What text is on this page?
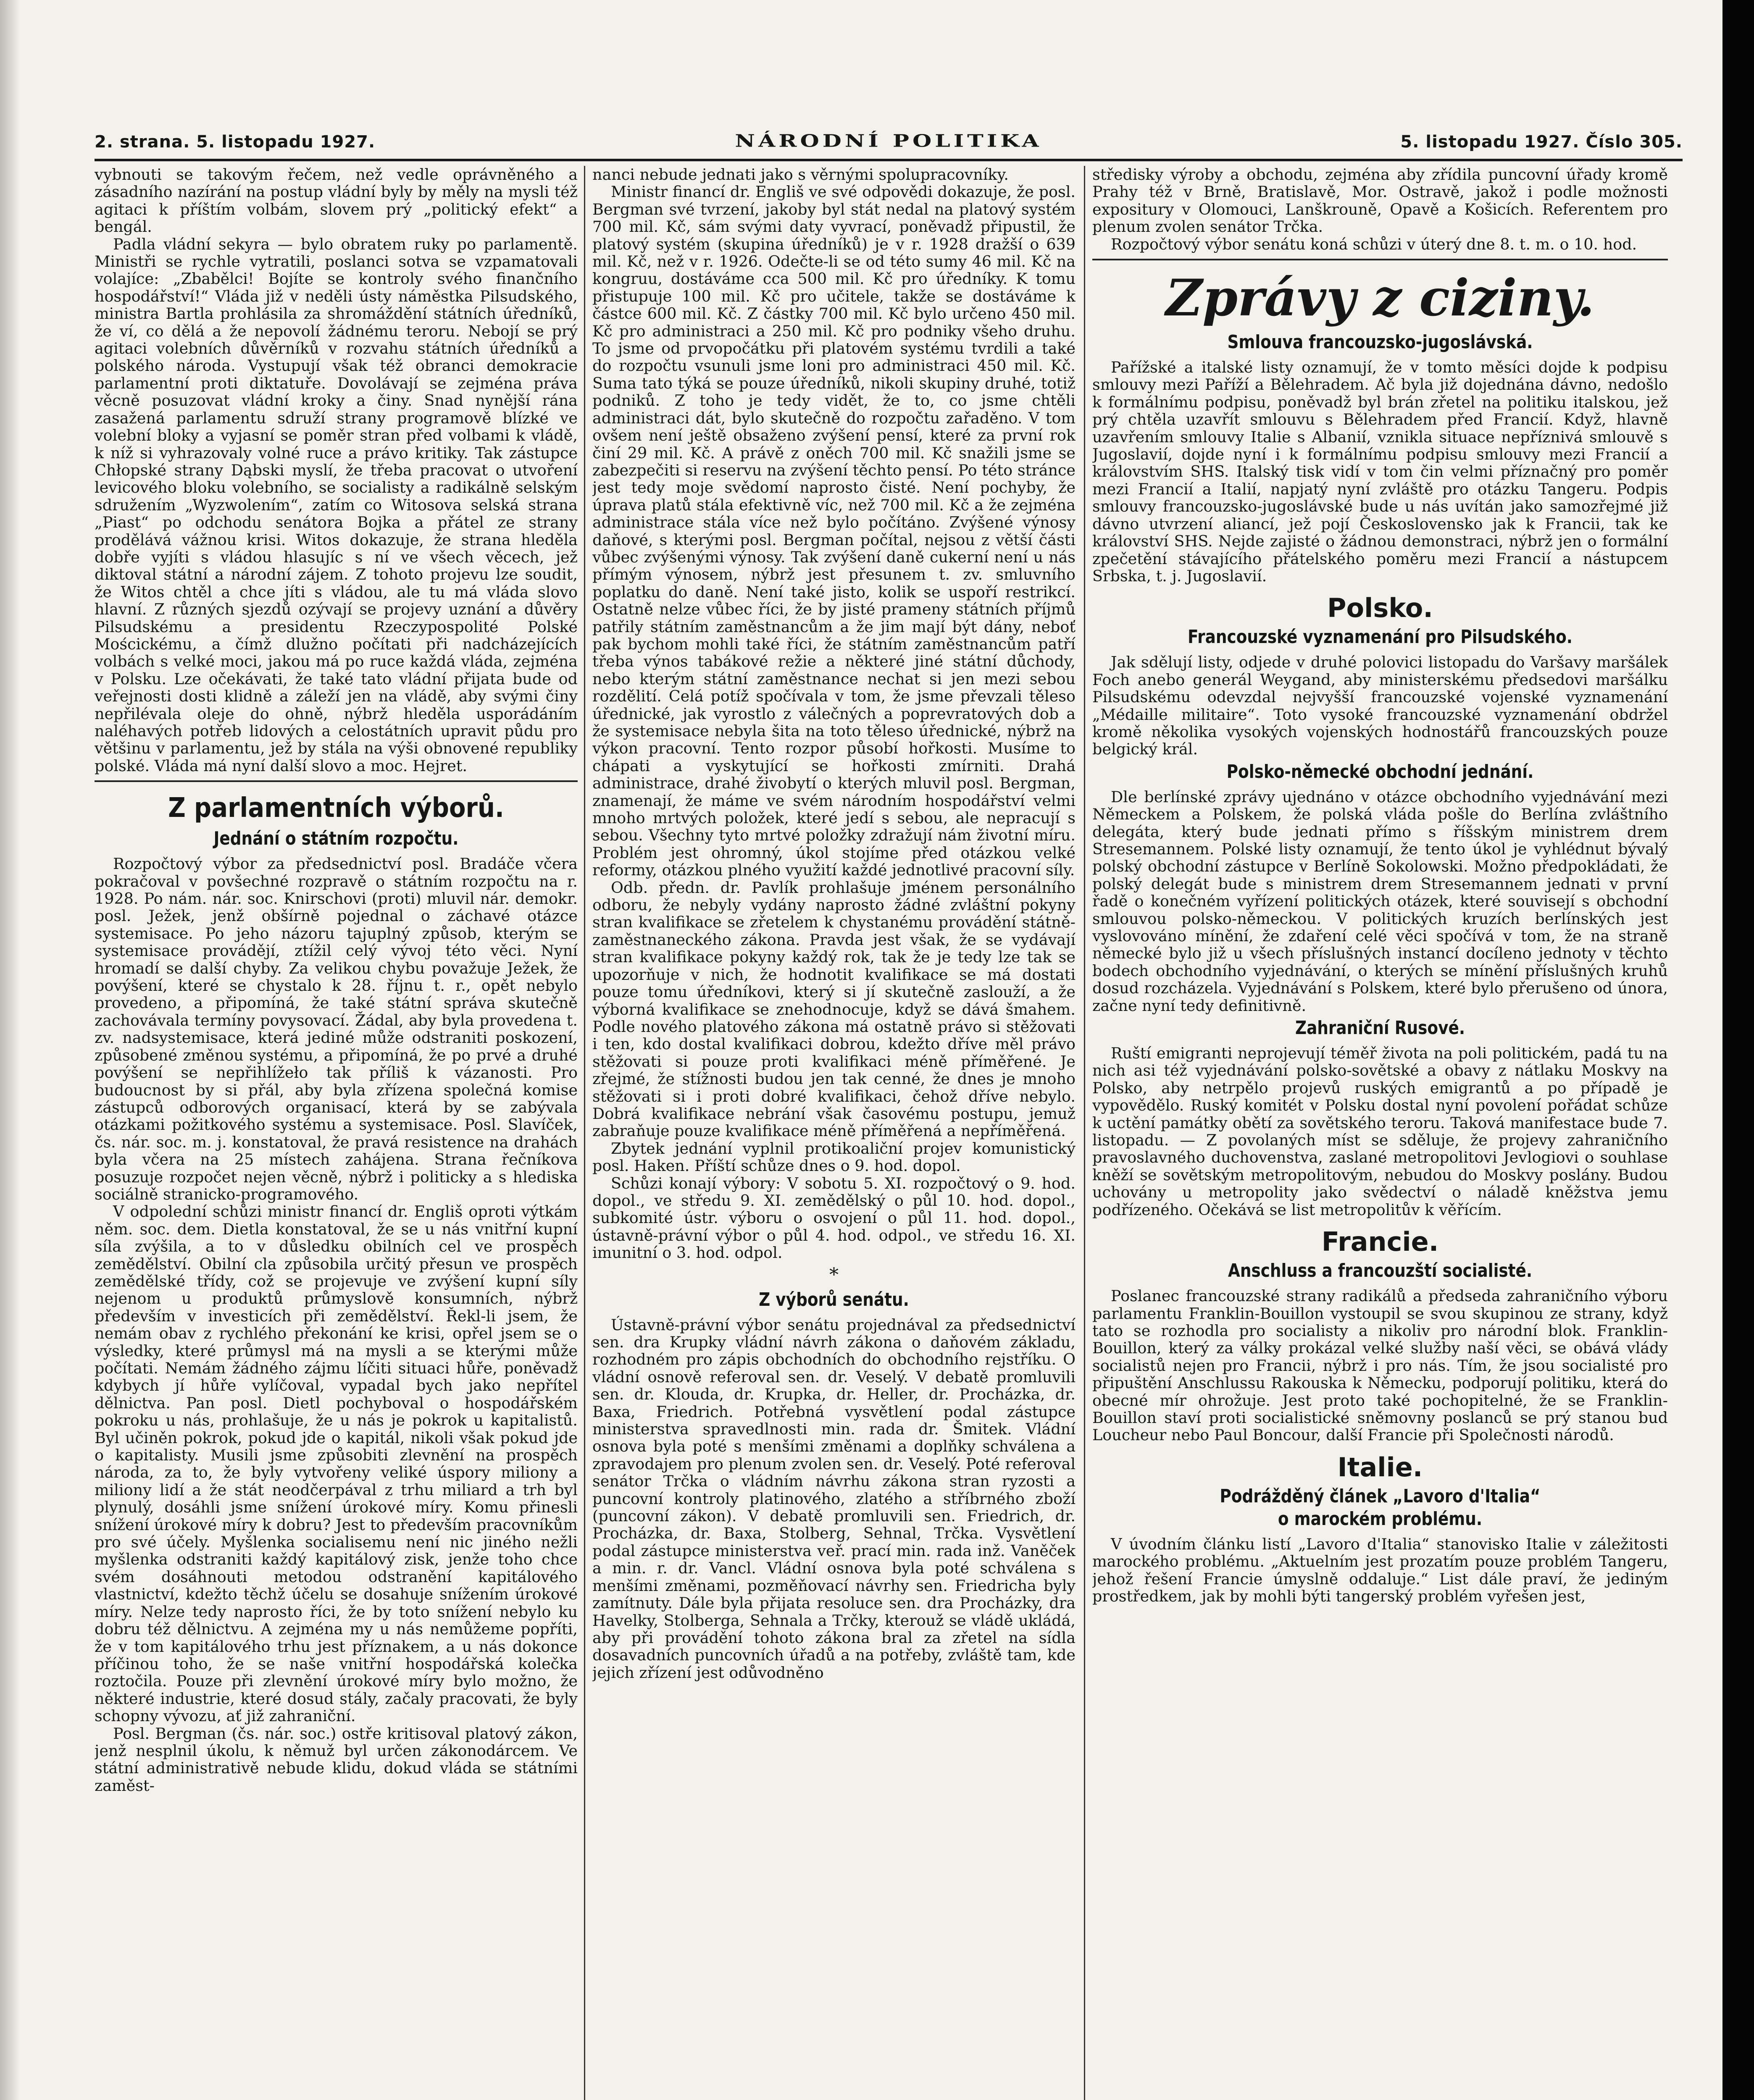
2. strana. 5. listopadu 1927.	NÁRODNÍ POLITIKA	5. listopadu 1927. Číslo 305.

vybnouti se takovým řečem, než vedle oprávněného a zásadního nazírání na postup vládní byly by měly na mysli též agitaci k příštím volbám, slovem prý „politický efekt“ a bengál.

Padla vládní sekyra — bylo obratem ruky po parlamentě. Ministři se rychle vytratili, poslanci sotva se vzpamatovali volajíce: „Zbabělci! Bojíte se kontroly svého finančního hospodářství!“ Vláda již v neděli ústy náměstka Pilsudského, ministra Bartla prohlásila za shromáždění státních úředníků, že ví, co dělá a že nepovolí žádnému teroru. Nebojí se prý agitaci volebních důvěrníků v rozvahu státních úředníků a polského národa. Vystupují však též obranci demokracie parlamentní proti diktatuře. Dovolávají se zejména práva věcně posuzovat vládní kroky a činy. Snad nynější rána zasažená parlamentu sdruží strany programově blízké ve volební bloky a vyjasní se poměr stran před volbami k vládě, k níž si vyhrazovaly volné ruce a právo kritiky. Tak zástupce Chłopské strany Dąbski myslí, že třeba pracovat o utvoření levicového bloku volebního, se socialisty a radikálně selským sdružením „Wyzwolením“, zatím co Witosova selská strana „Piast“ po odchodu senátora Bojka a přátel ze strany prodělává vážnou krisi. Witos dokazuje, že strana hledělа dobře vyjíti s vládou hlasujíc s ní ve všech věcech, jež diktoval státní a národní zájem. Z tohoto projevu lze soudit, že Witos chtěl a chce jíti s vládou, ale tu má vláda slovo hlavní. Z různých sjezdů ozývají se projevy uznání a důvěry Pilsudskému a presidentu Rzeczypospolité Polské Mościckému, a čímž dlužno počítati při nadcházejících volbách s velké moci, jakou má po ruce každá vláda, zejména v Polsku. Lze očekávati, že také tato vládní přijata bude od veřejnosti dosti klidně a záleží jen na vládě, aby svými činy nepřilévala oleje do ohně, nýbrž hleděla usporádáním naléhavých potřeb lidových a celostátních upravit půdu pro většinu v parlamentu, jež by stála na výši obnovené republiky polské. Vláda má nyní další slovo a moc. Hejret.

Z parlamentních výborů.
Jednání o státním rozpočtu.

Rozpočtový výbor za předsednictví posl. Bradáče včera pokračoval v povšechné rozpravě o státním rozpočtu na r. 1928. Po nám. nár. soc. Knirschovi (proti) mluvil nár. demokr. posl. Ježek, jenž obšírně pojednal o záchavé otázce systemisace. Po jeho názoru tajuplný způsob, kterým se systemisace provádějí, ztížil celý vývoj této věci. Nyní hromadí se další chyby. Za velikou chybu považuje Ježek, že povýšení, které se chystalo k 28. říjnu t. r., opět nebylo provedeno, a připomíná, že také státní správa skutečně zachovávala termíny povysovací. Žádal, aby byla provedena t. zv. nadsystemisace, která jediné může odstraniti poskození, způsobené změnou systému, a připomíná, že po prvé a druhé povýšení se nepřihlížeło tak příliš k vázanosti. Pro budoucnost by si přál, aby byla zřízena společná komise zástupců odborových organisací, která by se zabývala otázkami požitkového systému a systemisace. Posl. Slavíček, čs. nár. soc. m. j. konstatoval, že pravá resistence na drahách byla včera na 25 místech zahájena. Strana řečníkova posuzuje rozpočet nejen věcně, nýbrž i politicky a s hlediska sociálně stranicko-programového.

V odpolední schůzi ministr financí dr. Engliš oproti výtkám něm. soc. dem. Dietla konstatoval, že se u nás vnitřní kupní síla zvýšila, a to v důsledku obilních cel ve prospěch zemědělství. Obilní cla způsobila určitý přesun ve prospěch zemědělské třídy, což se projevuje ve zvýšení kupní síly nejenom u produktů průmyslově konsumních, nýbrž především v investicích při zemědělství. Řekl-li jsem, že nemám obav z rychlého překonání ke krisi, opřel jsem se o výsledky, které průmysl má na mysli a se kterými může počítati. Nemám žádného zájmu líčiti situaci hůře, poněvadž kdybych jí hůře vylíčoval, vypadal bych jako nepřítel dělnictva. Pan posl. Dietl pochyboval o hospodářském pokroku u nás, prohlašuje, že u nás je pokrok u kapitalistů. Byl učiněn pokrok, pokud jde o kapitál, nikoli však pokud jde o kapitalisty. Musili jsme způsobiti zlevnění na prospěch národa, za to, že byly vytvořeny veliké úspory miliony a miliony lidí a že stát neodčerpával z trhu miliard a trh byl plynulý, dosáhli jsme snížení úrokové míry. Komu přinesli snížení úrokové míry k dobru? Jest to především pracovníkům pro své účely. Myšlenka socialisemu není nic jiného nežli myšlenka odstraniti každý kapitálový zisk, jenže toho chce svém dosáhnouti metodou odstranění kapitálového vlastnictví, kdežto těchž účelu se dosahuje snížením úrokové míry. Nelze tedy naprosto říci, že by toto snížení nebylo ku dobru též dělnictvu. A zejména my u nás nemůžeme popříti, že v tom kapitálového trhu jest příznakem, a u nás dokonce příčinou toho, že se naše vnitřní hospodářská kolečka roztočila. Pouze při zlevnění úrokové míry bylo možno, že některé industrie, které dosud stály, začaly pracovati, že byly schopny vývozu, ať již zahraniční.

Posl. Bergman (čs. nár. soc.) ostře kritisoval platový zákon, jenž nesplnil úkolu, k němuž byl určen zákonodárcem. Ve státní administrativě nebude klidu, dokud vláda se státními zaměst-

nanci nebude jednati jako s věrnými spolupracovníky.

Ministr financí dr. Engliš ve své odpovědi dokazuje, že posl. Bergman své tvrzení, jakoby byl stát nedal na platový systém 700 mil. Kč, sám svými daty vyvrací, poněvadž připustil, že platový systém (skupina úředníků) je v r. 1928 dražší o 639 mil. Kč, než v r. 1926. Odečte-li se od této sumy 46 mil. Kč na kongruu, dostáváme cca 500 mil. Kč pro úředníky. K tomu přistupuje 100 mil. Kč pro učitele, takže se dostáváme k částce 600 mil. Kč. Z částky 700 mil. Kč bylo určeno 450 mil. Kč pro administraci a 250 mil. Kč pro podniky všeho druhu. To jsme od prvopočátku při platovém systému tvrdili a také do rozpočtu vsunuli jsme loni pro administraci 450 mil. Kč. Suma tato týká se pouze úředníků, nikoli skupiny druhé, totiž podniků. Z toho je tedy vidět, že to, co jsme chtěli administraci dát, bylo skutečně do rozpočtu zařaděno. V tom ovšem není ještě obsaženo zvýšení pensí, které za první rok činí 29 mil. Kč. A právě z oněch 700 mil. Kč snažili jsme se zabezpečiti si reservu na zvýšení těchto pensí. Po této stránce jest tedy moje svědomí naprosto čisté. Není pochyby, že úprava platů stála efektivně víc, než 700 mil. Kč a že zejména administrace stála více než bylo počítáno. Zvýšené výnosy daňové, s kterými posl. Bergman počítal, nejsou z větší části vůbec zvýšenými výnosy. Tak zvýšení daně cukerní není u nás přímým výnosem, nýbrž jest přesunem t. zv. smluvního poplatku do daně. Není také jisto, kolik se uspoří restrikcí. Ostatně nelze vůbec říci, že by jisté prameny státních příjmů patřily státním zaměstnancům a že jim mají být dány, neboť pak bychom mohli také říci, že státním zaměstnancům patří třeba výnos tabákové režie a některé jiné státní důchody, nebo kterým státní zaměstnance nechat si jen mezi sebou rozdělití. Celá potíž spočívala v tom, že jsme převzali těleso úřednické, jak vyrostlo z válečných a poprevratových dob a že systemisace nebyla šita na toto těleso úřednické, nýbrž na výkon pracovní. Tento rozpor působí hořkosti. Musíme to chápati a vyskytující se hořkosti zmírniti. Drahá administrace, drahé živobytí o kterých mluvil posl. Bergman, znamenají, že máme ve svém národním hospodářství velmi mnoho mrtvých položek, které jedí s sebou, ale nepracují s sebou. Všechny tyto mrtvé položky zdražují nám životní míru. Problém jest ohromný, úkol stojíme před otázkou velké reformy, otázkou plného využití každé jednotlivé pracovní síly.

Odb. předn. dr. Pavlík prohlašuje jménem personálního odboru, že nebyly vydány naprosto žádné zvláštní pokyny stran kvalifikace se zřetelem k chystanému provádění státně-zaměstnaneckého zákona. Pravda jest však, že se vydávají stran kvalifikace pokyny každý rok, tak že je tedy lze tak se upozorňuje v nich, že hodnotit kvalifikace se má dostati pouze tomu úředníkovi, který si jí skutečně zaslouží, a že výborná kvalifikace se znehodnocuje, když se dává šmahem. Podle nového platového zákona má ostatně právo si stěžovati i ten, kdo dostal kvalifikaci dobrou, kdežto dříve měl právo stěžovati si pouze proti kvalifikaci méně příměřené. Je zřejmé, že stížnosti budou jen tak cenné, že dnes je mnoho stěžovati si i proti dobré kvalifikaci, čehož dříve nebylo. Dobrá kvalifikace nebrání však časovému postupu, jemuž zabraňuje pouze kvalifikace méně příměřená a nepříměřená.

Zbytek jednání vyplnil protikoaliční projev komunistický posl. Haken. Příští schůze dnes o 9. hod. dopol.

Schůzi konají výbory: V sobotu 5. XI. rozpočtový o 9. hod. dopol., ve středu 9. XI. zemědělský o půl 10. hod. dopol., subkomité ústr. výboru o osvojení o půl 11. hod. dopol., ústavně-právní výbor o půl 4. hod. odpol., ve středu 16. XI. imunitní o 3. hod. odpol.

*
Z výborů senátu.

Ústavně-právní výbor senátu projednával za předsednictví sen. dra Krupky vládní návrh zákona o daňovém základu, rozhodném pro zápis obchodních do obchodního rejstříku. O vládní osnově referoval sen. dr. Veselý. V debatě promluvili sen. dr. Klouda, dr. Krupka, dr. Heller, dr. Procházka, dr. Baxa, Friedrich. Potřebná vysvětlení podal zástupce ministerstva spravedlnosti min. rada dr. Šmitek. Vládní osnova byla poté s menšími změnami a doplňky schválena a zpravodajem pro plenum zvolen sen. dr. Veselý. Poté referoval senátor Trčka o vládním návrhu zákona stran ryzosti a puncovní kontroly platinového, zlatého a stříbrného zboží (puncovní zákon). V debatě promluvili sen. Friedrich, dr. Procházka, dr. Baxa, Stolberg, Sehnal, Trčka. Vysvětlení podal zástupce ministerstva veř. prací min. rada inž. Vaněček a min. r. dr. Vancl. Vládní osnova byla poté schválena s menšími změnami, pozměňovací návrhy sen. Friedricha byly zamítnuty. Dále byla přijata resoluce sen. dra Procházky, dra Havelky, Stolberga, Sehnala a Trčky, kterouž se vládě ukládá, aby při provádění tohoto zákona bral za zřetel na sídla dosavadních puncovních úřadů a na potřeby, zvláště tam, kde jejich zřízení jest odůvodněno

středisky výroby a obchodu, zejména aby zřídila puncovní úřady kromě Prahy též v Brně, Bratislavě, Mor. Ostravě, jakož i podle možnosti expositury v Olomouci, Lanškrouně, Opavě a Košicích. Referentem pro plenum zvolen senátor Trčka.

Rozpočtový výbor senátu koná schůzi v úterý dne 8. t. m. o 10. hod.

Zprávy z ciziny.
Smlouva francouzsko-jugoslávská.

Pařížské a italské listy oznamují, že v tomto měsíci dojde k podpisu smlouvy mezi Paříží a Bělehradem. Ač byla již dojednána dávno, nedošlo k formálnímu podpisu, poněvadž byl brán zřetel na politiku italskou, jež prý chtěla uzavřít smlouvu s Bělehradem před Francií. Když, hlavně uzavřením smlouvy Italie s Albanií, vznikla situace nepříznivá smlouvě s Jugoslavií, dojde nyní i k formálnímu podpisu smlouvy mezi Francií a královstvím SHS. Italský tisk vidí v tom čin velmi příznačný pro poměr mezi Francií a Italií, napjatý nyní zvláště pro otázku Tangeru. Podpis smlouvy francouzsko-jugoslávské bude u nás uvítán jako samozřejmé již dávno utvrzení aliancí, jež pojí Československo jak k Francii, tak ke království SHS. Nejde zajisté o žádnou demonstraci, nýbrž jen o formální zpečetění stávajícího přátelského poměru mezi Francií a nástupcem Srbska, t. j. Jugoslavií.

Polsko.
Francouzské vyznamenání pro Pilsudského.

Jak sdělují listy, odjede v druhé polovici listopadu do Varšavy maršálek Foch anebo generál Weygand, aby ministerskému předsedovi maršálku Pilsudskému odevzdal nejvyšší francouzské vojenské vyznamenání „Médaille militaire“. Toto vysoké francouzské vyznamenání obdržel kromě několika vysokých vojenských hodnostářů francouzských pouze belgický král.

Polsko-německé obchodní jednání.

Dle berlínské zprávy ujednáno v otázce obchodního vyjednávání mezi Německem a Polskem, že polská vláda pošle do Berlína zvláštního delegáta, který bude jednati přímo s říšským ministrem drem Stresemannem. Polské listy oznamují, že tento úkol je vyhlédnut bývalý polský obchodní zástupce v Berlíně Sokolowski. Možno předpokládati, že polský delegát bude s ministrem drem Stresemannem jednati v první řadě o konečném vyřízení politických otázek, které souvisejí s obchodní smlouvou polsko-německou. V politických kruzích berlínských jest vyslovováno mínění, že zdaření celé věci spočívá v tom, že na straně německé bylo již u všech příslušných instancí docíleno jednoty v těchto bodech obchodního vyjednávání, o kterých se mínění příslušných kruhů dosud rozcházela. Vyjednávání s Polskem, které bylo přerušeno od února, začne nyní tedy definitivně.

Zahraniční Rusové.

Ruští emigranti neprojevují téměř života na poli politickém, padá tu na nich asi též vyjednávání polsko-sovětské a obavy z nátlaku Moskvy na Polsko, aby netrpělo projevů ruských emigrantů a po případě je vypovědělo. Ruský komitét v Polsku dostal nyní povolení pořádat schůze k uctění památky obětí za sovětského teroru. Taková manifestace bude 7. listopadu. — Z povolaných míst se sděluje, že projevy zahraničního pravoslavného duchovenstva, zaslané metropolitovi Jevlogiovi o souhlase kněží se sovětským metropolitovým, nebudou do Moskvy poslány. Budou uchovány u metropolity jako svědectví o náladě kněžstva jemu podřízeného. Očekává se list metropolitův k věřícím.

Francie.
Anschluss a francouzští socialisté.

Poslanec francouzské strany radikálů a předseda zahraničního výboru parlamentu Franklin-Bouillon vystoupil se svou skupinou ze strany, když tato se rozhodla pro socialisty a nikoliv pro národní blok. Franklin-Bouillon, který za války prokázal velké služby naší věci, se obává vlády socialistů nejen pro Francii, nýbrž i pro nás. Tím, že jsou socialisté pro připuštění Anschlussu Rakouska k Německu, podporují politiku, která do obecné mír ohrožuje. Jest proto také pochopitelné, že se Franklin-Bouillon staví proti socialistické sněmovny poslanců se prý stanou bud Loucheur nebo Paul Boncour, další Francie při Společnosti národů.

Italie.
Podrážděný článek „Lavoro d'Italia“
o marockém problému.

V úvodním článku listí „Lavoro d'Italia“ stanovisko Italie v záležitosti marockého problému. „Aktuelním jest prozatím pouze problém Tangeru, jehož řešení Francie úmyslně oddaluje.“ List dále praví, že jediným prostředkem, jak by mohli býti tangerský problém vyřešen jest,
